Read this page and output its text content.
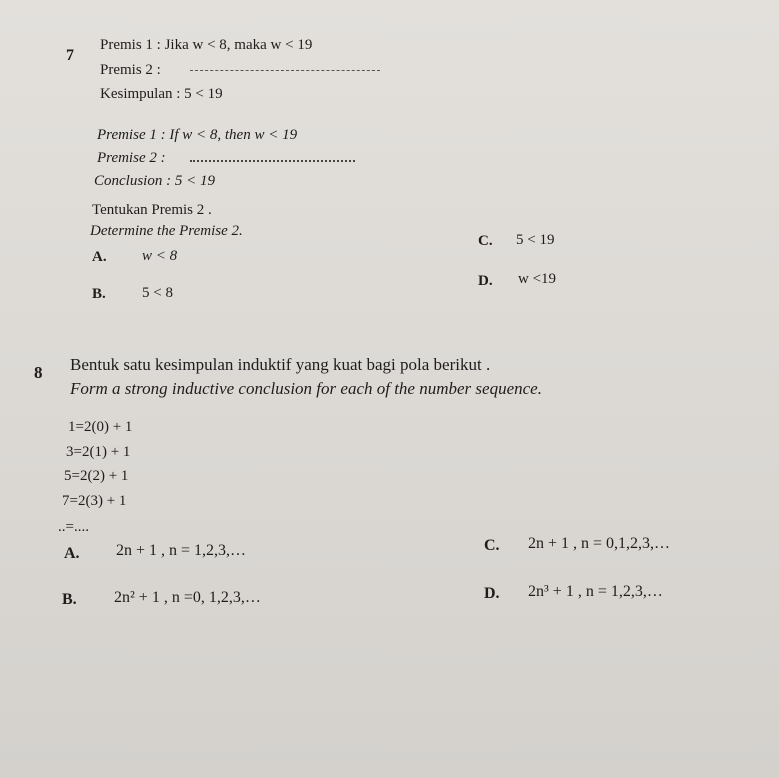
7
Premis 1 : Jika w < 8, maka w < 19
Premis 2 :
Kesimpulan : 5 < 19
Premise 1 : If w < 8, then w < 19
Premise 2 :
Conclusion : 5 < 19
Tentukan Premis 2 .
Determine the Premise 2.
A. w < 8
B. 5 < 8
C. 5 < 19
D. w <19
8 Bentuk satu kesimpulan induktif yang kuat bagi pola berikut .
Form a strong inductive conclusion for each of the number sequence.
1=2(0) + 1
3=2(1) + 1
5=2(2) + 1
7=2(3) + 1
..=....
A. 2n + 1 , n = 1,2,3,…
B. 2n² + 1 , n =0, 1,2,3,…
C. 2n + 1 , n = 0,1,2,3,…
D. 2n³ + 1 , n = 1,2,3,…
